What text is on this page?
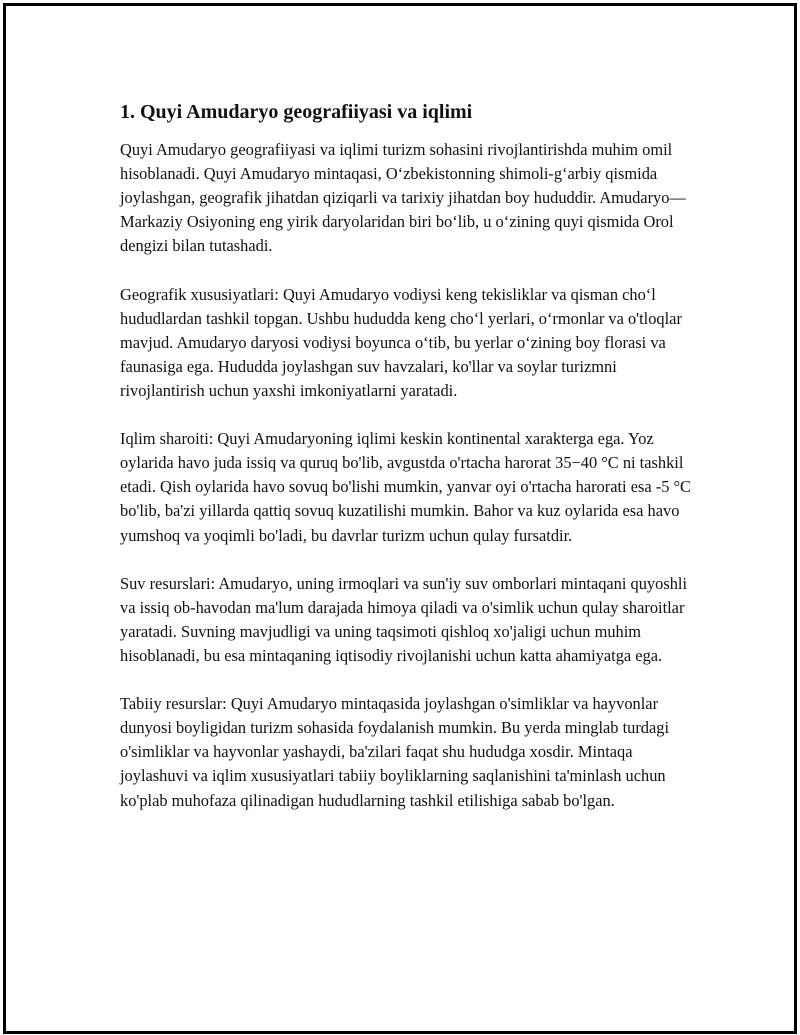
1. Quyi Amudaryo geografiiyasi va iqlimi

Quyi Amudaryo geografiiyasi va iqlimi turizm sohasini rivojlantirishda muhim omil hisoblanadi. Quyi Amudaryo mintaqasi, O‘zbekistonning shimoli-g‘arbiy qismida joylashgan, geografik jihatdan qiziqarli va tarixiy jihatdan boy hududdir. Amudaryo—Markaziy Osiyoning eng yirik daryolaridan biri bo‘lib, u o‘zining quyi qismida Orol dengizi bilan tutashadi.

Geografik xususiyatlari: Quyi Amudaryo vodiysi keng tekisliklar va qisman cho‘l hududlardan tashkil topgan. Ushbu hududda keng cho‘l yerlari, o‘rmonlar va o'tloqlar mavjud. Amudaryo daryosi vodiysi boyunca o‘tib, bu yerlar o‘zining boy florasi va faunasiga ega. Hududda joylashgan suv havzalari, ko'llar va soylar turizmni rivojlantirish uchun yaxshi imkoniyatlarni yaratadi.

Iqlim sharoiti: Quyi Amudaryoning iqlimi keskin kontinental xarakterga ega. Yoz oylarida havo juda issiq va quruq bo'lib, avgustda o'rtacha harorat 35−40 °C ni tashkil etadi. Qish oylarida havo sovuq bo'lishi mumkin, yanvar oyi o'rtacha harorati esa -5 °C bo'lib, ba'zi yillarda qattiq sovuq kuzatilishi mumkin. Bahor va kuz oylarida esa havo yumshoq va yoqimli bo'ladi, bu davrlar turizm uchun qulay fursatdir.

Suv resurslari: Amudaryo, uning irmoqlari va sun'iy suv omborlari mintaqani quyoshli va issiq ob-havodan ma'lum darajada himoya qiladi va o'simlik uchun qulay sharoitlar yaratadi. Suvning mavjudligi va uning taqsimoti qishloq xo'jaligi uchun muhim hisoblanadi, bu esa mintaqaning iqtisodiy rivojlanishi uchun katta ahamiyatga ega.

Tabiiy resurslar: Quyi Amudaryo mintaqasida joylashgan o'simliklar va hayvonlar dunyosi boyligidan turizm sohasida foydalanish mumkin. Bu yerda minglab turdagi o'simliklar va hayvonlar yashaydi, ba'zilari faqat shu hududga xosdir. Mintaqa joylashuvi va iqlim xususiyatlari tabiiy boyliklarning saqlanishini ta'minlash uchun ko'plab muhofaza qilinadigan hududlarning tashkil etilishiga sabab bo'lgan.
